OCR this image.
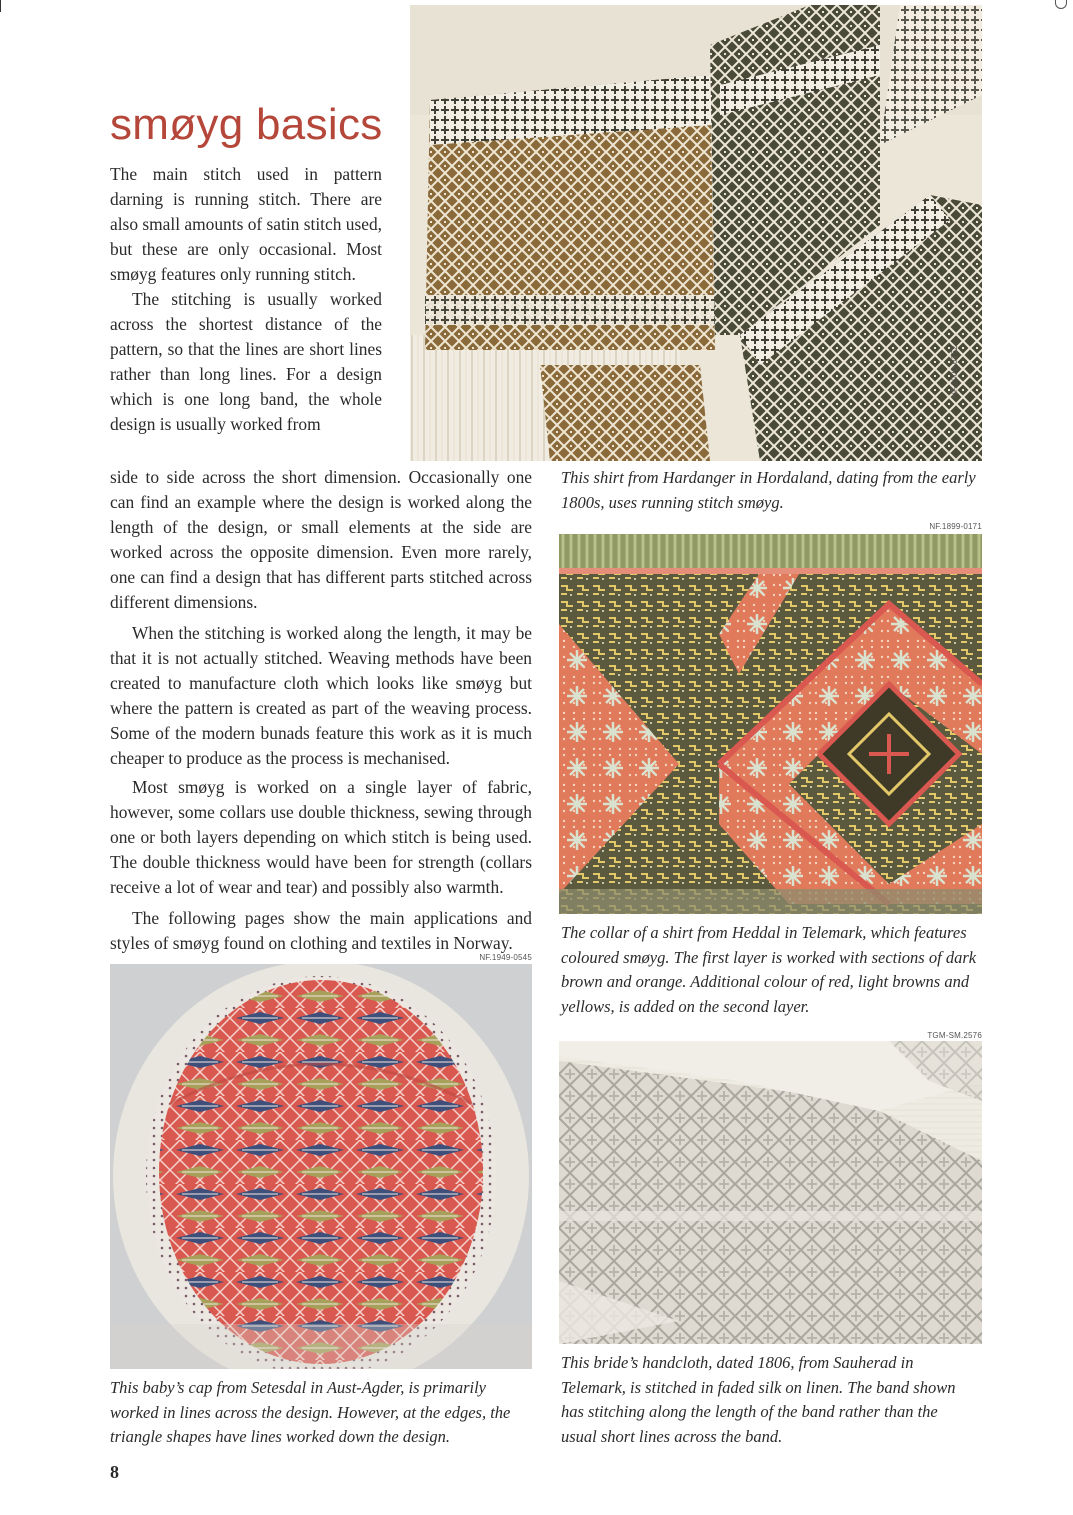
smøyg basics

The main stitch used in pattern darning is running stitch. There are also small amounts of satin stitch used, but these are only occasional. Most smøyg features only running stitch.

The stitching is usually worked across the shortest distance of the pattern, so that the lines are short lines rather than long lines. For a design which is one long band, the whole design is usually worked from

side to side across the short dimension. Occasionally one can find an example where the design is worked along the length of the design, or small elements at the side are worked across the opposite dimension. Even more rarely, one can find a design that has different parts stitched across different dimensions.

When the stitching is worked along the length, it may be that it is not actually stitched. Weaving methods have been created to manufacture cloth which looks like smøyg but where the pattern is created as part of the weaving process. Some of the modern bunads feature this work as it is much cheaper to produce as the process is mechanised.

Most smøyg is worked on a single layer of fabric, however, some collars use double thickness, sewing through one or both layers depending on which stitch is being used. The double thickness would have been for strength (collars receive a lot of wear and tear) and possibly also warmth.

The following pages show the main applications and styles of smøyg found on clothing and textiles in Norway.

NF.2000-0162
This shirt from Hardanger in Hordaland, dating from the early 1800s, uses running stitch smøyg.
NF.1899-0171
The collar of a shirt from Heddal in Telemark, which features coloured smøyg. The first layer is worked with sections of dark brown and orange. Additional colour of red, light browns and yellows, is added on the second layer.
TGM-SM.2576
This bride’s handcloth, dated 1806, from Sauherad in Telemark, is stitched in faded silk on linen. The band shown has stitching along the length of the band rather than the usual short lines across the band.
NF.1949-0545
This baby’s cap from Setesdal in Aust-Agder, is primarily worked in lines across the design. However, at the edges, the triangle shapes have lines worked down the design.
8
